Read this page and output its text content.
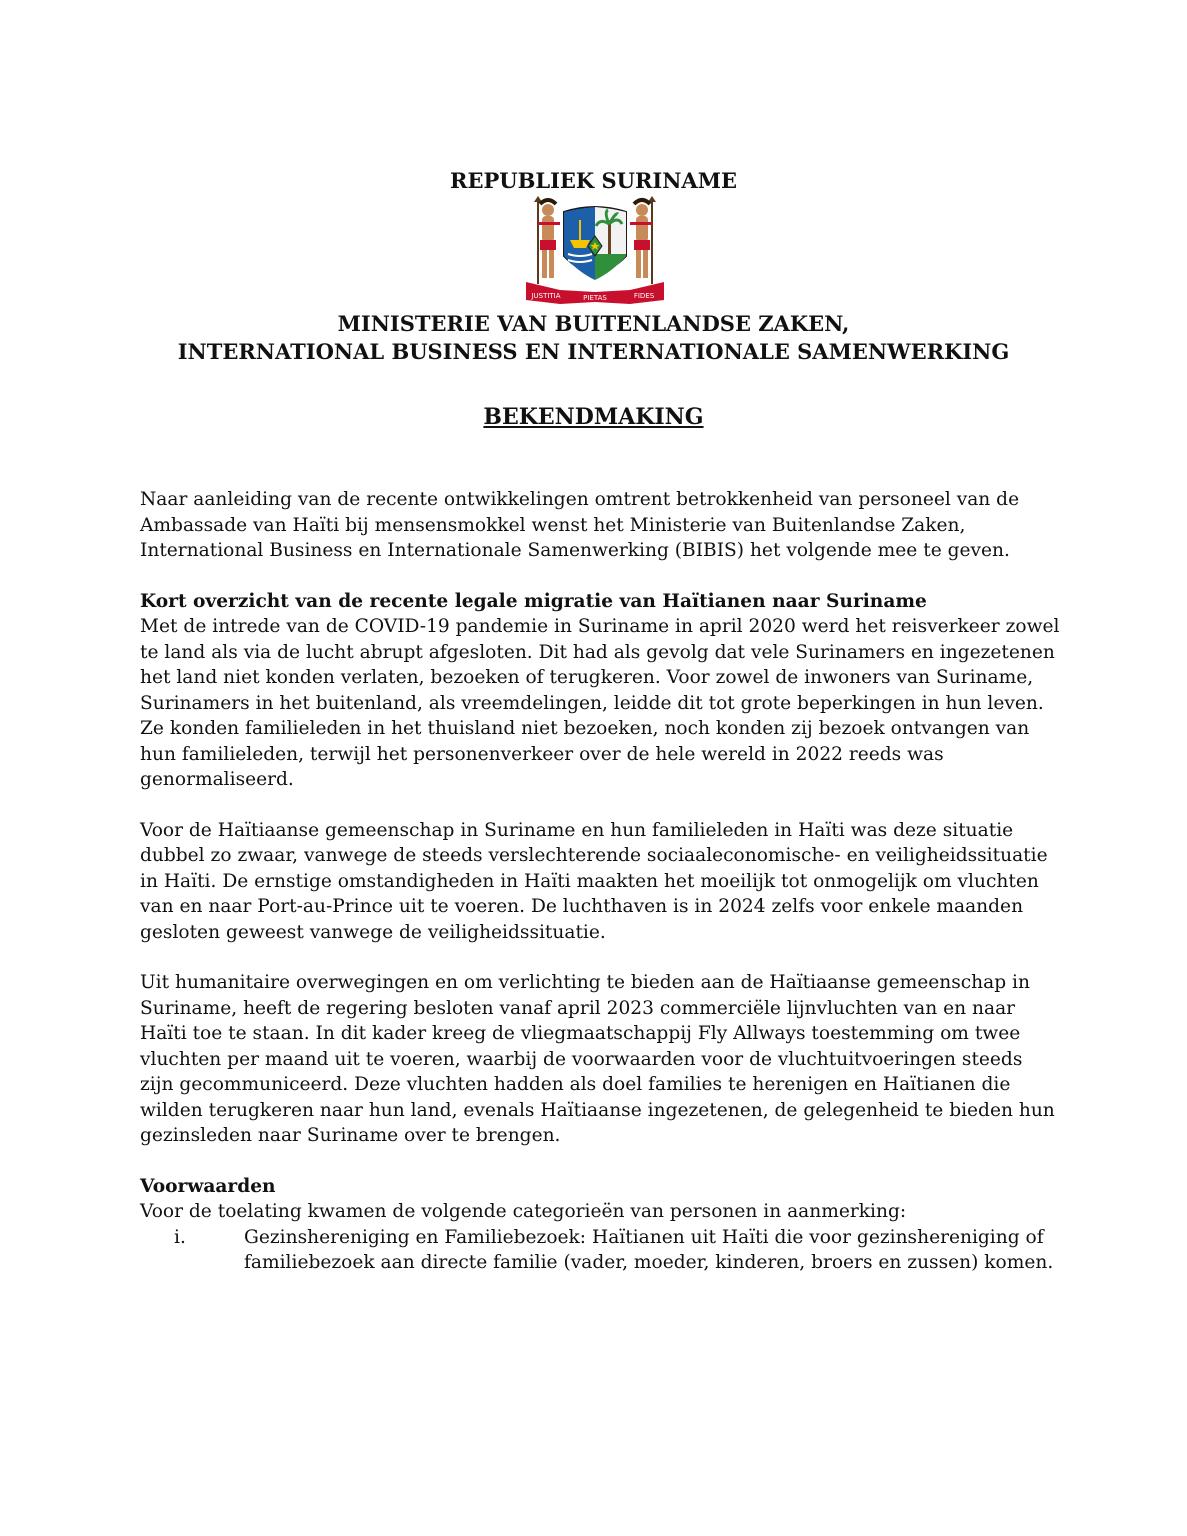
REPUBLIEK SURINAME
JUSTITIA	PIETAS	FIDES
MINISTERIE VAN BUITENLANDSE ZAKEN,
INTERNATIONAL BUSINESS EN INTERNATIONALE SAMENWERKING
BEKENDMAKING

Naar aanleiding van de recente ontwikkelingen omtrent betrokkenheid van personeel van de Ambassade van Haïti bij mensensmokkel wenst het Ministerie van Buitenlandse Zaken, International Business en Internationale Samenwerking (BIBIS) het volgende mee te geven.

Kort overzicht van de recente legale migratie van Haïtianen naar Suriname

Met de intrede van de COVID-19 pandemie in Suriname in april 2020 werd het reisverkeer zowel te land als via de lucht abrupt afgesloten. Dit had als gevolg dat vele Surinamers en ingezetenen het land niet konden verlaten, bezoeken of terugkeren. Voor zowel de inwoners van Suriname, Surinamers in het buitenland, als vreemdelingen, leidde dit tot grote beperkingen in hun leven. Ze konden familieleden in het thuisland niet bezoeken, noch konden zij bezoek ontvangen van hun familieleden, terwijl het personenverkeer over de hele wereld in 2022 reeds was genormaliseerd.

Voor de Haïtiaanse gemeenschap in Suriname en hun familieleden in Haïti was deze situatie dubbel zo zwaar, vanwege de steeds verslechterende sociaaleconomische- en veiligheidssituatie in Haïti. De ernstige omstandigheden in Haïti maakten het moeilijk tot onmogelijk om vluchten van en naar Port-au-Prince uit te voeren. De luchthaven is in 2024 zelfs voor enkele maanden gesloten geweest vanwege de veiligheidssituatie.

Uit humanitaire overwegingen en om verlichting te bieden aan de Haïtiaanse gemeenschap in Suriname, heeft de regering besloten vanaf april 2023 commerciële lijnvluchten van en naar Haïti toe te staan. In dit kader kreeg de vliegmaatschappij Fly Allways toestemming om twee vluchten per maand uit te voeren, waarbij de voorwaarden voor de vluchtuitvoeringen steeds zijn gecommuniceerd. Deze vluchten hadden als doel families te herenigen en Haïtianen die wilden terugkeren naar hun land, evenals Haïtiaanse ingezetenen, de gelegenheid te bieden hun gezinsleden naar Suriname over te brengen.

Voorwaarden

Voor de toelating kwamen de volgende categorieën van personen in aanmerking:

i.	Gezinshereniging en Familiebezoek: Haïtianen uit Haïti die voor gezinshereniging of familiebezoek aan directe familie (vader, moeder, kinderen, broers en zussen) komen.
